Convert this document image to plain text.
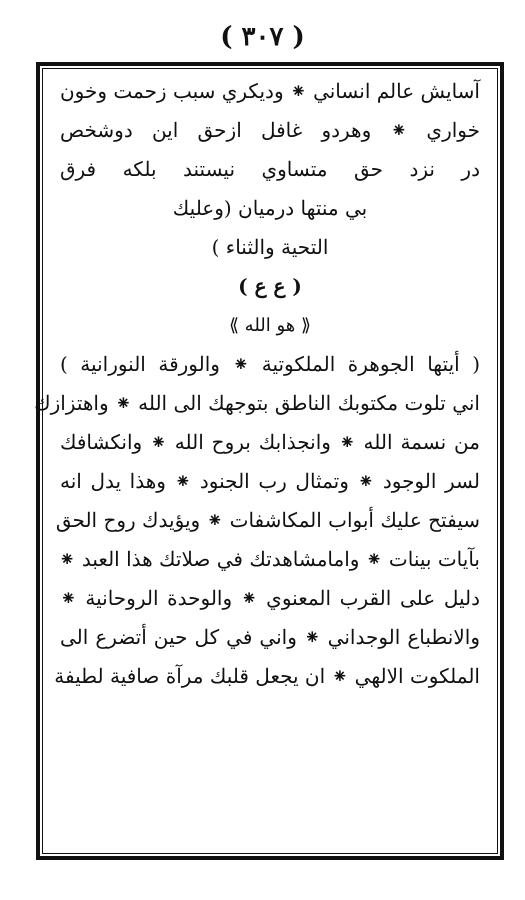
( ٣٠٧ )
آسايش عالم انساني ⁕ وديكري سبب زحمت وخون
خواري ⁕ وهردو غافل ازحق اين دوشخص
در نزد حق متساوي نيستند بلكه فرق
بي منتها درميان (وعليك
التحية والثناء )
( ع ع )
⟪ هو الله ⟫
( أيتها الجوهرة الملكوتية ⁕ والورقة النورانية )
اني تلوت مكتوبك الناطق بتوجهك الى الله ⁕ واهتزازك
من نسمة الله ⁕ وانجذابك بروح الله ⁕ وانكشافك
لسر الوجود ⁕ وتمثال رب الجنود ⁕ وهذا يدل انه
سيفتح عليك أبواب المكاشفات ⁕ ويؤيدك روح الحق
بآيات بينات ⁕ وامامشاهدتك في صلاتك هذا العبد ⁕
دليل على القرب المعنوي ⁕ والوحدة الروحانية ⁕
والانطباع الوجداني ⁕ واني في كل حين أتضرع الى
الملكوت الالهي ⁕ ان يجعل قلبك مرآة صافية لطيفة
